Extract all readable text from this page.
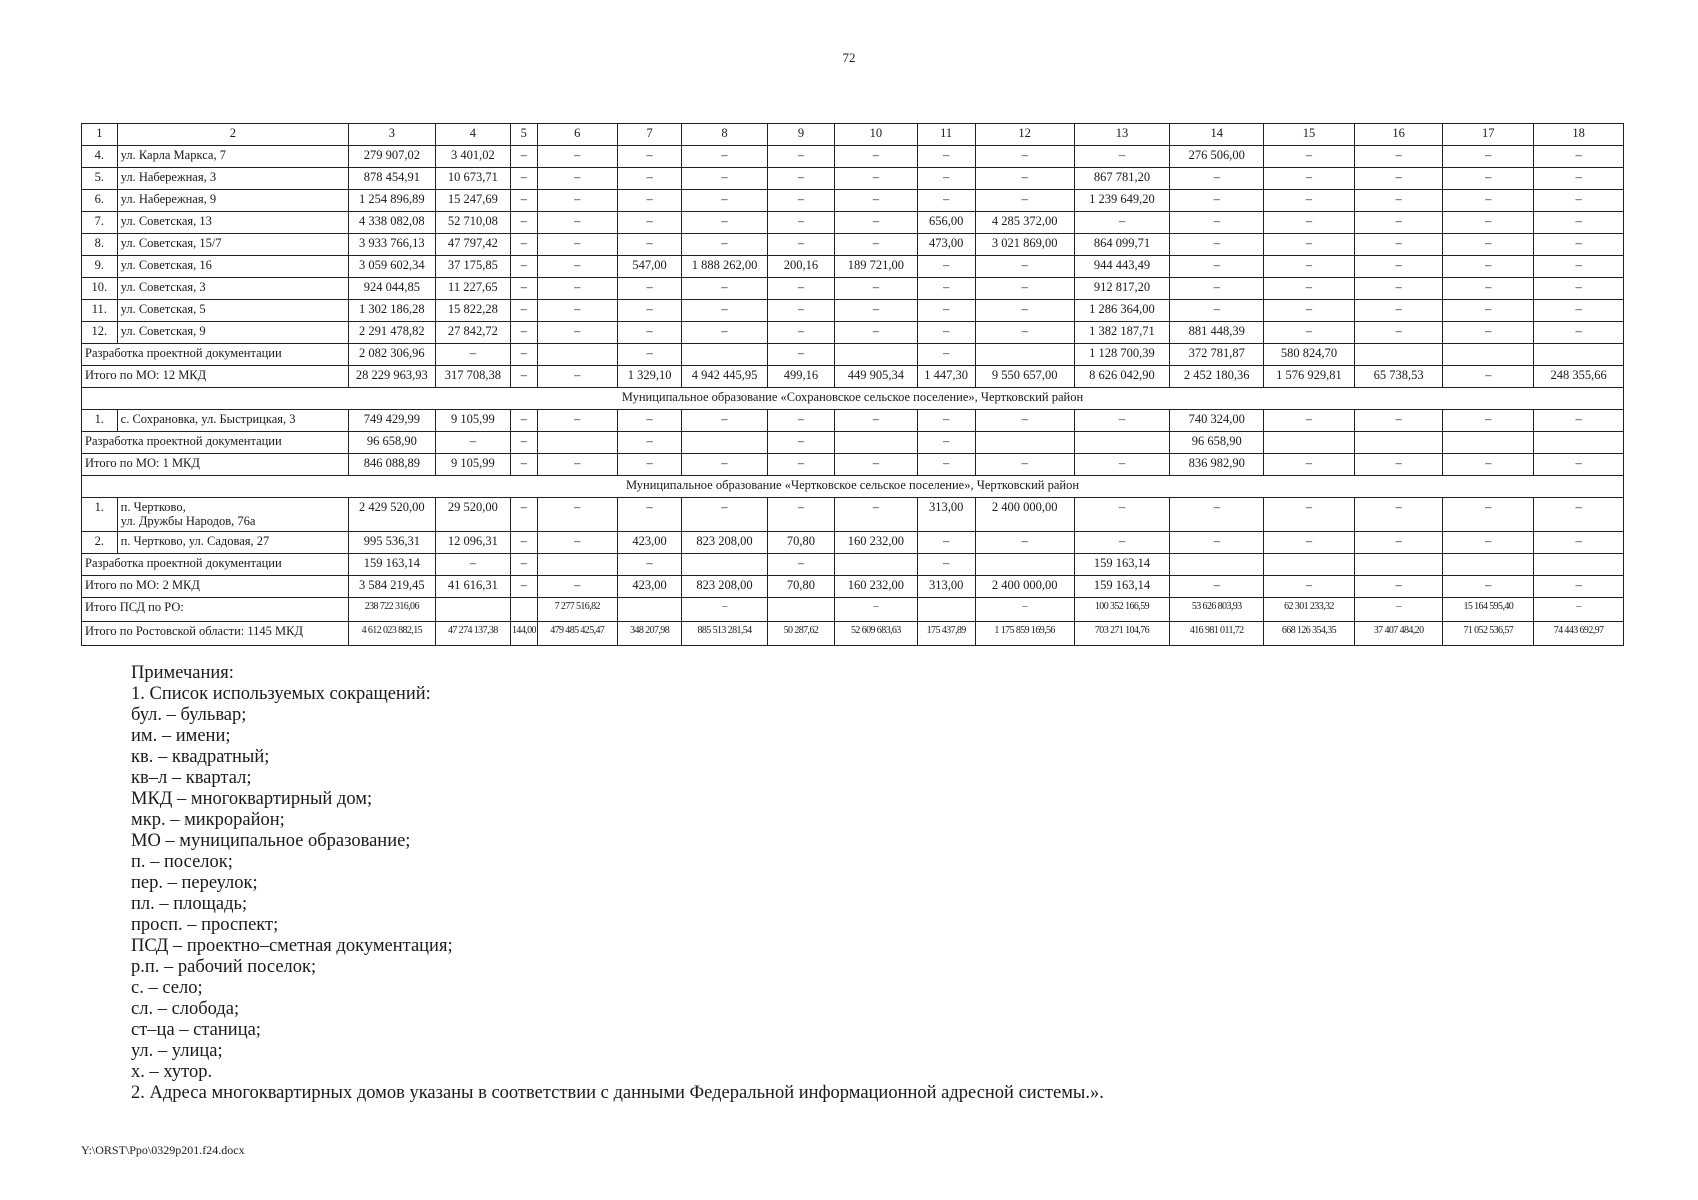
72
1	2	3	4	5	6	7	8	9	10	11	12	13	14	15	16	17	18
4.	ул. Карла Маркса, 7	279 907,02	3 401,02	–	–	–	–	–	–	–	–	–	276 506,00	–	–	–	–
5.	ул. Набережная, 3	878 454,91	10 673,71	–	–	–	–	–	–	–	–	867 781,20	–	–	–	–	–
6.	ул. Набережная, 9	1 254 896,89	15 247,69	–	–	–	–	–	–	–	–	1 239 649,20	–	–	–	–	–
7.	ул. Советская, 13	4 338 082,08	52 710,08	–	–	–	–	–	–	656,00	4 285 372,00	–	–	–	–	–	–
8.	ул. Советская, 15/7	3 933 766,13	47 797,42	–	–	–	–	–	–	473,00	3 021 869,00	864 099,71	–	–	–	–	–
9.	ул. Советская, 16	3 059 602,34	37 175,85	–	–	547,00	1 888 262,00	200,16	189 721,00	–	–	944 443,49	–	–	–	–	–
10.	ул. Советская, 3	924 044,85	11 227,65	–	–	–	–	–	–	–	–	912 817,20	–	–	–	–	–
11.	ул. Советская, 5	1 302 186,28	15 822,28	–	–	–	–	–	–	–	–	1 286 364,00	–	–	–	–	–
12.	ул. Советская, 9	2 291 478,82	27 842,72	–	–	–	–	–	–	–	–	1 382 187,71	881 448,39	–	–	–	–
Разработка проектной документации		2 082 306,96	–	–		–		–		–		1 128 700,39	372 781,87	580 824,70			
Итого по МО: 12 МКД		28 229 963,93	317 708,38	–	–	1 329,10	4 942 445,95	499,16	449 905,34	1 447,30	9 550 657,00	8 626 042,90	2 452 180,36	1 576 929,81	65 738,53	–	248 355,66
Муниципальное образование «Сохрановское сельское поселение», Чертковский район																	
1.	с. Сохрановка, ул. Быстрицкая, 3	749 429,99	9 105,99	–	–	–	–	–	–	–	–	–	740 324,00	–	–	–	–
Разработка проектной документации		96 658,90	–	–		–		–		–			96 658,90				
Итого по МО: 1 МКД		846 088,89	9 105,99	–	–	–	–	–	–	–	–	–	836 982,90	–	–	–	–
Муниципальное образование «Чертковское сельское поселение», Чертковский район																	
1.	п. Чертково,
ул. Дружбы Народов, 76а	2 429 520,00	29 520,00	–	–	–	–	–	–	313,00	2 400 000,00	–	–	–	–	–	–
2.	п. Чертково, ул. Садовая, 27	995 536,31	12 096,31	–	–	423,00	823 208,00	70,80	160 232,00	–	–	–	–	–	–	–	–
Разработка проектной документации		159 163,14	–	–		–		–		–		159 163,14					
Итого по МО: 2 МКД		3 584 219,45	41 616,31	–	–	423,00	823 208,00	70,80	160 232,00	313,00	2 400 000,00	159 163,14	–	–	–	–	–
Итого ПСД по РО:		238 722 316,06			7 277 516,82		–		–		–	100 352 166,59	53 626 803,93	62 301 233,32	–	15 164 595,40	–
Итого по Ростовской области: 1145 МКД		4 612 023 882,15	47 274 137,38	144,00	479 485 425,47	348 207,98	885 513 281,54	50 287,62	52 609 683,63	175 437,89	1 175 859 169,56	703 271 104,76	416 981 011,72	668 126 354,35	37 407 484,20	71 052 536,57	74 443 692,97
Примечания:
1. Список используемых сокращений:
бул. – бульвар;
им. – имени;
кв. – квадратный;
кв–л – квартал;
МКД – многоквартирный дом;
мкр. – микрорайон;
МО – муниципальное образование;
п. – поселок;
пер. – переулок;
пл. – площадь;
просп. – проспект;
ПСД – проектно–сметная документация;
р.п. – рабочий поселок;
с. – село;
сл. – слобода;
ст–ца – станица;
ул. – улица;
х. – хутор.
2. Адреса многоквартирных домов указаны в соответствии с данными Федеральной информационной адресной системы.».
Y:\ORST\Ppo\0329p201.f24.docx
